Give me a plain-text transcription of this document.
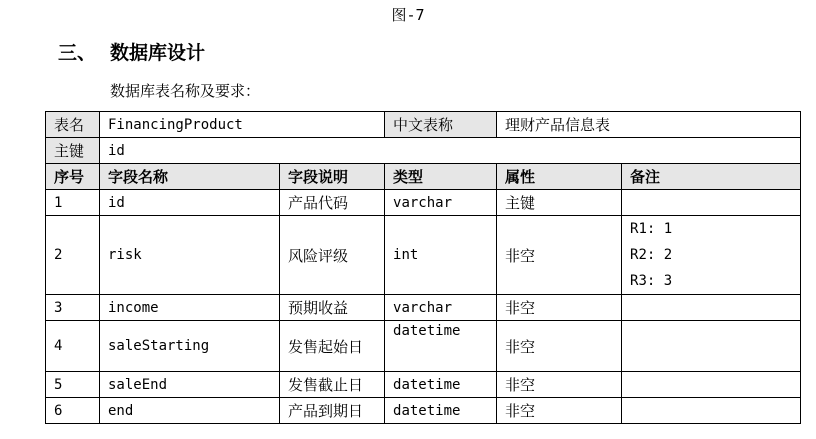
图-7
三、 数据库设计
数据库表名称及要求：
表名	FinancingProduct		中文表称	理财产品信息表	
主键	id				
序号	字段名称	字段说明	类型	属性	备注
1	id	产品代码	varchar	主键	
2	risk	风险评级	int	非空	R1: 1
R2: 2
R3: 3

3	income	预期收益	varchar	非空	
4	saleStarting	发售起始日	datetime	非空	
5	saleEnd	发售截止日	datetime	非空	
6	end	产品到期日	datetime	非空	
